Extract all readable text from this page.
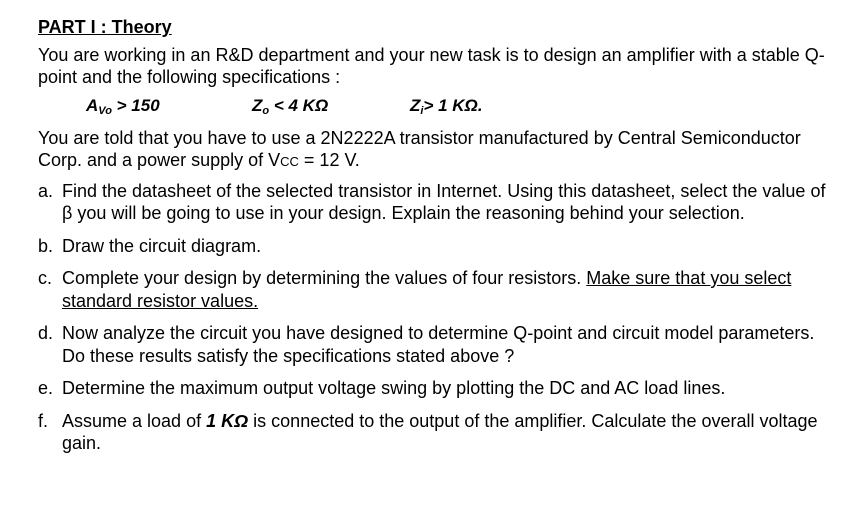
PART I : Theory
You are working in an R&D department and your new task is to design an amplifier with a stable Q-point and the following specifications :
$A_{Vo} > 150$	$Z_o < 4$ KΩ	$Z_i> 1$ KΩ.
You are told that you have to use a 2N2222A transistor manufactured by Central Semiconductor Corp. and a power supply of VCC = 12 V.
a. Find the datasheet of the selected transistor in Internet. Using this datasheet, select the value of β you will be going to use in your design. Explain the reasoning behind your selection.
b. Draw the circuit diagram.
c. Complete your design by determining the values of four resistors. Make sure that you select standard resistor values.
d. Now analyze the circuit you have designed to determine Q-point and circuit model parameters. Do these results satisfy the specifications stated above ?
e. Determine the maximum output voltage swing by plotting the DC and AC load lines.
f. Assume a load of 1 KΩ is connected to the output of the amplifier. Calculate the overall voltage gain.
